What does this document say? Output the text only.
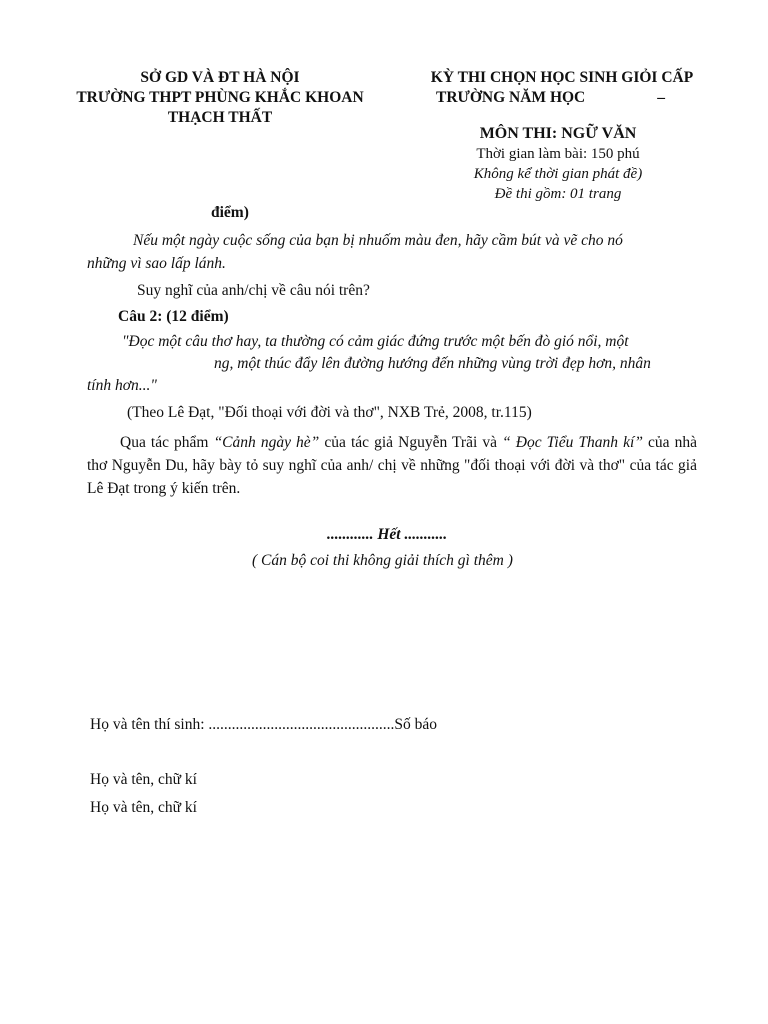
SỞ GD VÀ ĐT HÀ NỘI
TRƯỜNG THPT PHÙNG KHẮC KHOAN
THẠCH THẤT
KỲ THI CHỌN HỌC SINH GIỎI CẤP
TRƯỜNG NĂM HỌC	–
MÔN THI: NGỮ VĂN
Thời gian làm bài: 150 phú
Không kể thời gian phát đề)
Đề thi gồm: 01 trang
điểm)
Nếu một ngày cuộc sống của bạn bị nhuốm màu đen, hãy cầm bút và vẽ cho nó
những vì sao lấp lánh.
Suy nghĩ của anh/chị về câu nói trên?
Câu 2: (12 điểm)
"Đọc một câu thơ hay, ta thường có cảm giác đứng trước một bến đò gió nổi, một
ng, một thúc đẩy lên đường hướng đến những vùng trời đẹp hơn, nhân
tính hơn..."
(Theo Lê Đạt, "Đối thoại với đời và thơ", NXB Trẻ, 2008, tr.115)
Qua tác phẩm “Cảnh ngày hè” của tác giả Nguyễn Trãi và “ Đọc Tiểu Thanh kí” của nhà thơ Nguyễn Du, hãy bày tỏ suy nghĩ của anh/ chị về những "đối thoại với đời và thơ" của tác giả Lê Đạt trong ý kiến trên.
............ Hết ...........
( Cán bộ coi thi không giải thích gì thêm )
Họ và tên thí sinh: ................................................Số báo
Họ và tên, chữ kí
Họ và tên, chữ kí
